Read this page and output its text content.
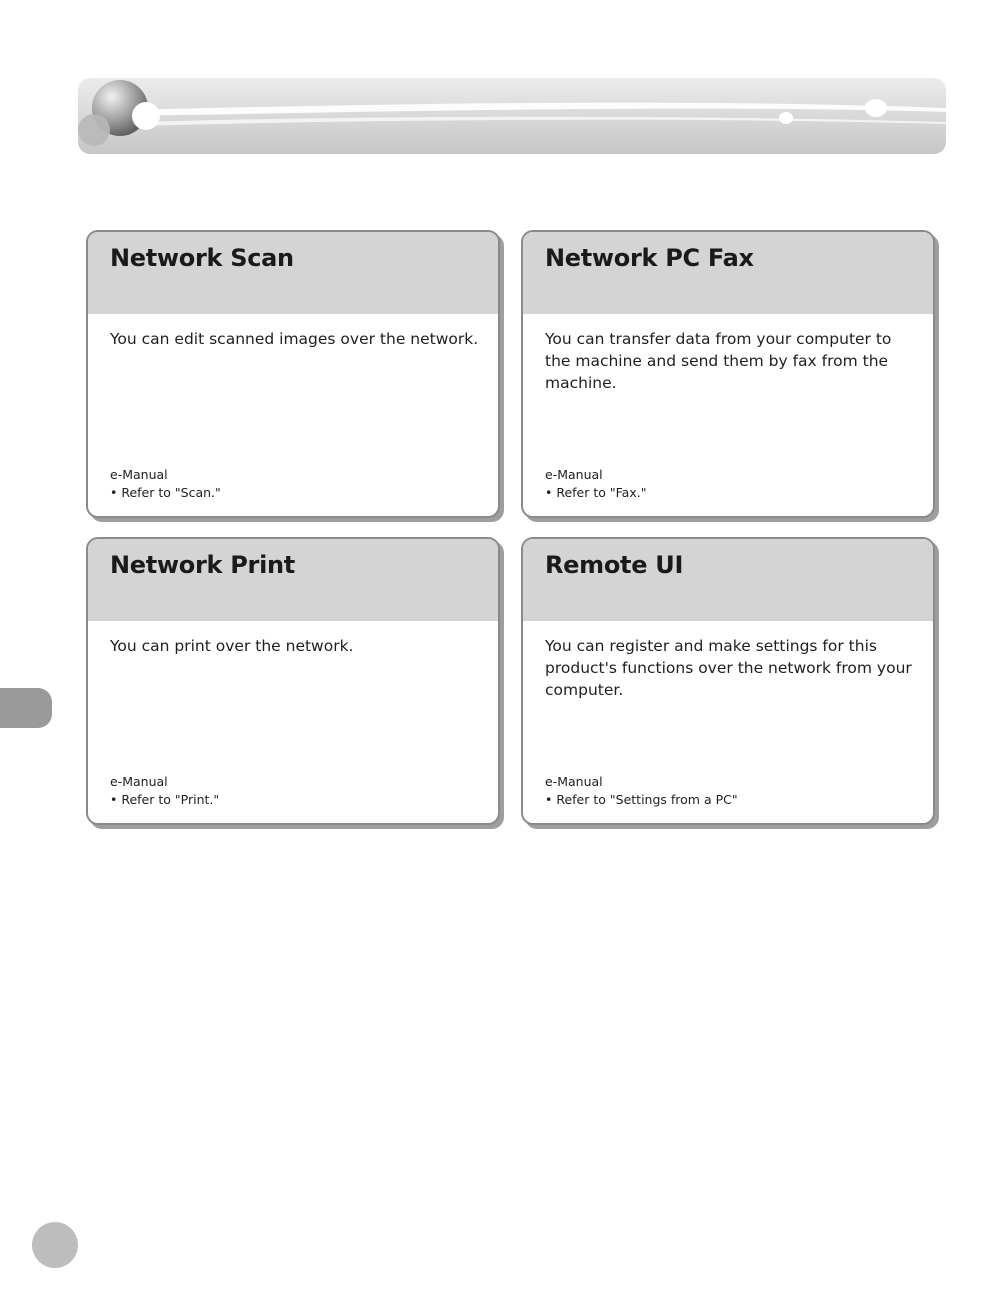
Network Scan

You can edit scanned images over the network.

e-Manual
• Refer to "Scan."
Network PC Fax

You can transfer data from your computer to the machine and send them by fax from the machine.

e-Manual
• Refer to "Fax."
Network Print

You can print over the network.

e-Manual
• Refer to "Print."
Remote UI

You can register and make settings for this product's functions over the network from your computer.

e-Manual
• Refer to "Settings from a PC"
